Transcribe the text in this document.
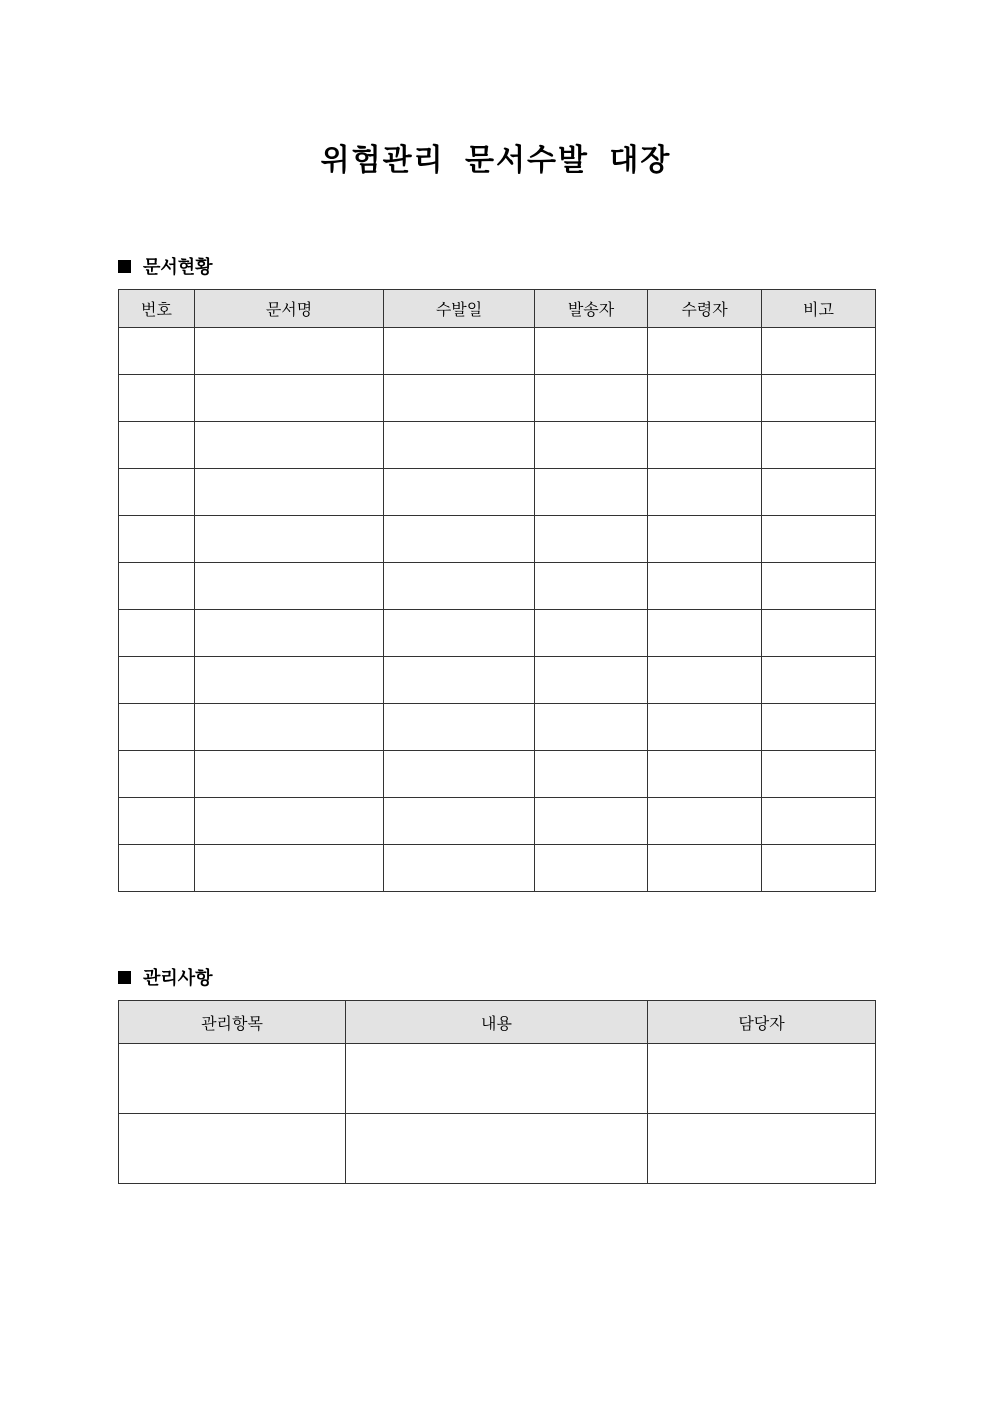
위험관리 문서수발 대장
문서현황
번호	문서명	수발일	발송자	수령자	비고

관리사항
관리항목	내용	담당자
